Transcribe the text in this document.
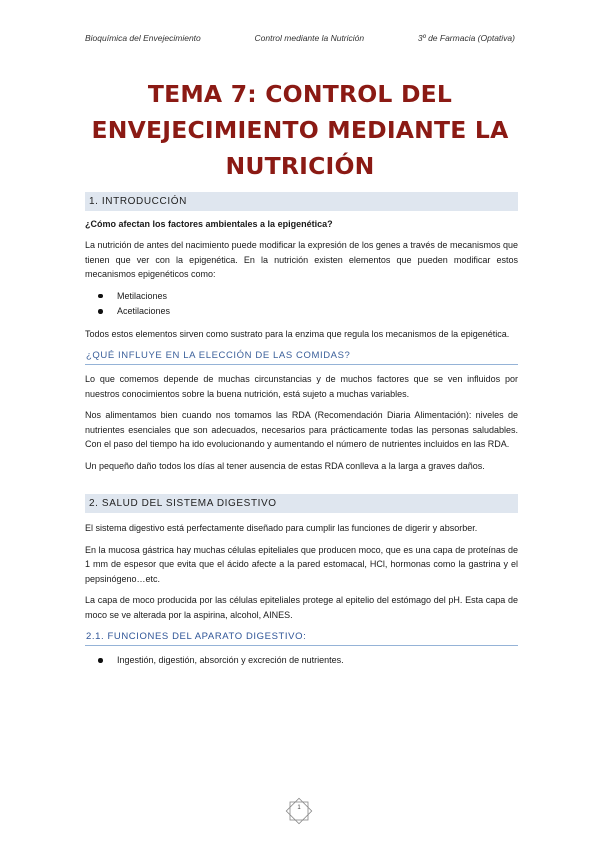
Bioquímica del Envejecimiento	Control mediante la Nutrición	3º de Farmacia (Optativa)
TEMA 7: CONTROL DEL
ENVEJECIMIENTO MEDIANTE LA
NUTRICIÓN
1. INTRODUCCIÓN
¿Cómo afectan los factores ambientales a la epigenética?

La nutrición de antes del nacimiento puede modificar la expresión de los genes a través de mecanismos que tienen que ver con la epigenética. En la nutrición existen elementos que pueden modificar estos mecanismos epigenéticos como:

Metilaciones
Acetilaciones

Todos estos elementos sirven como sustrato para la enzima que regula los mecanismos de la epigenética.

¿QUÉ INFLUYE EN LA ELECCIÓN DE LAS COMIDAS?

Lo que comemos depende de muchas circunstancias y de muchos factores que se ven influidos por nuestros conocimientos sobre la buena nutrición, está sujeto a muchas variables.

Nos alimentamos bien cuando nos tomamos las RDA (Recomendación Diaria Alimentación): niveles de nutrientes esenciales que son adecuados, necesarios para prácticamente todas las personas saludables. Con el paso del tiempo ha ido evolucionando y aumentando el número de nutrientes incluidos en las RDA.

Un pequeño daño todos los días al tener ausencia de estas RDA conlleva a la larga a graves daños.

2. SALUD DEL SISTEMA DIGESTIVO

El sistema digestivo está perfectamente diseñado para cumplir las funciones de digerir y absorber.

En la mucosa gástrica hay muchas células epiteliales que producen moco, que es una capa de proteínas de 1 mm de espesor que evita que el ácido afecte a la pared estomacal, HCl, hormonas como la gastrina y el pepsinógeno…etc.

La capa de moco producida por las células epiteliales protege al epitelio del estómago del pH. Esta capa de moco se ve alterada por la aspirina, alcohol, AINES.

2.1. FUNCIONES DEL APARATO DIGESTIVO:
Ingestión, digestión, absorción y excreción de nutrientes.
1
